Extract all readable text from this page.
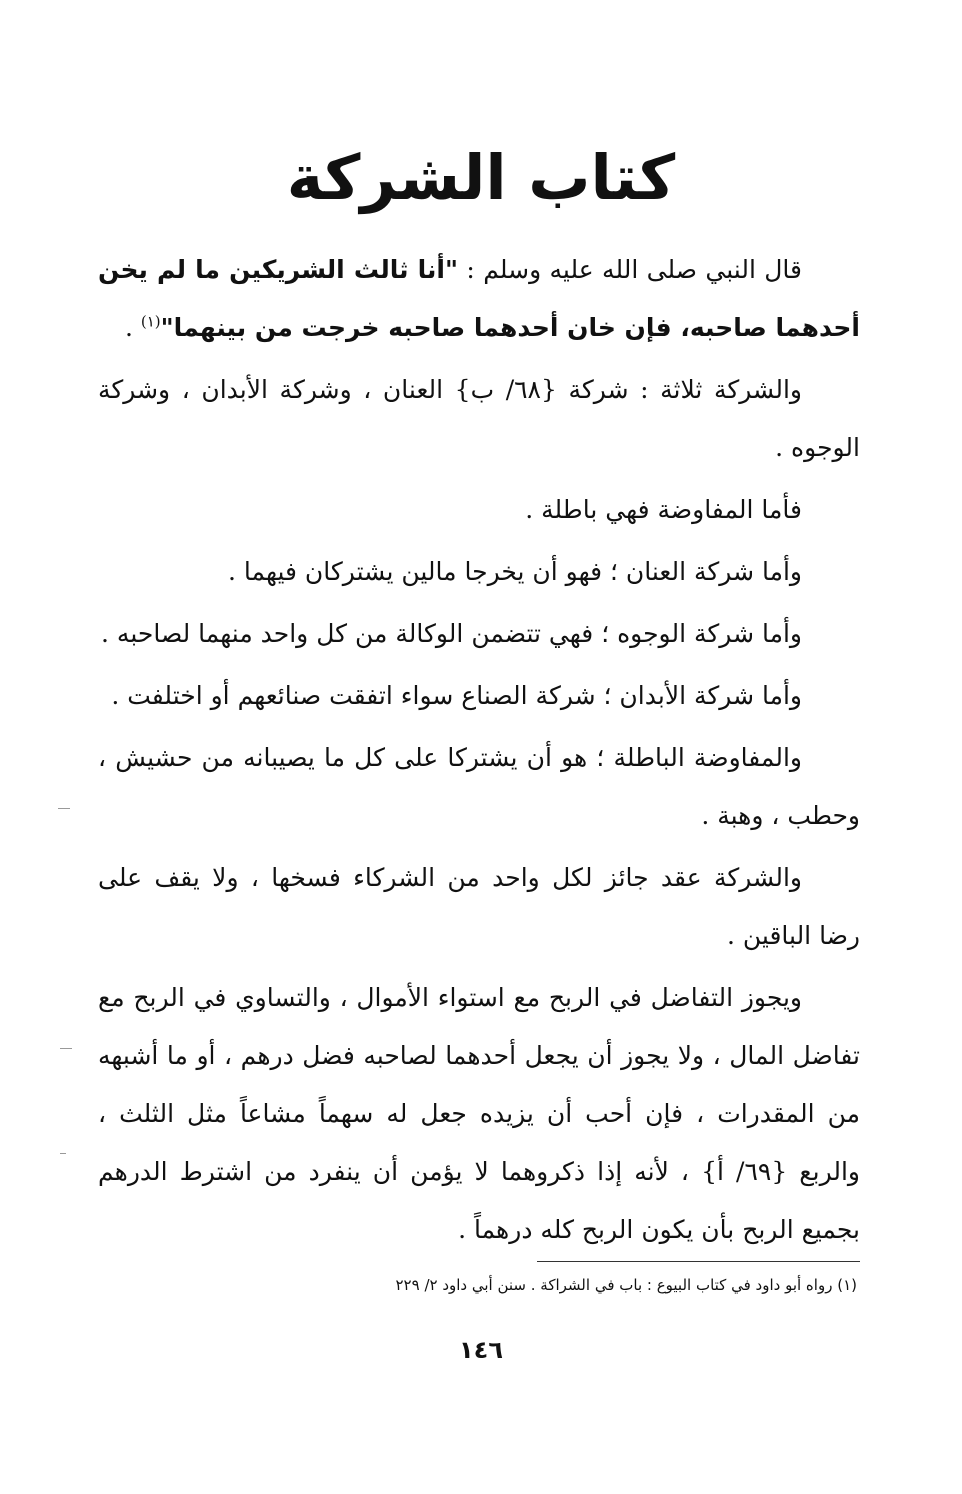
كتاب الشركة

قال النبي صلى الله عليه وسلم : "أنا ثالث الشريكين ما لم يخن أحدهما صاحبه، فإن خان أحدهما صاحبه خرجت من بينهما"$^{(١)}$ .

والشركة ثلاثة : شركة {٦٨/ ب} العنان ، وشركة الأبدان ، وشركة الوجوه .

فأما المفاوضة فهي باطلة .

وأما شركة العنان ؛ فهو أن يخرجا مالين يشتركان فيهما .

وأما شركة الوجوه ؛ فهي تتضمن الوكالة من كل واحد منهما لصاحبه .

وأما شركة الأبدان ؛ شركة الصناع سواء اتفقت صنائعهم أو اختلفت .

والمفاوضة الباطلة ؛ هو أن يشتركا على كل ما يصيبانه من حشيش ، وحطب ، وهبة .

والشركة عقد جائز لكل واحد من الشركاء فسخها ، ولا يقف على رضا الباقين .

ويجوز التفاضل في الربح مع استواء الأموال ، والتساوي في الربح مع تفاضل المال ، ولا يجوز أن يجعل أحدهما لصاحبه فضل درهم ، أو ما أشبهه من المقدرات ، فإن أحب أن يزيده جعل له سهماً مشاعاً مثل الثلث ، والربع {٦٩/ أ} ، لأنه إذا ذكروهما لا يؤمن أن ينفرد من اشترط الدرهم بجميع الربح بأن يكون الربح كله درهماً .

(١) رواه أبو داود في كتاب البيوع : باب في الشراكة . سنن أبي داود ٢/ ٢٢٩
١٤٦
